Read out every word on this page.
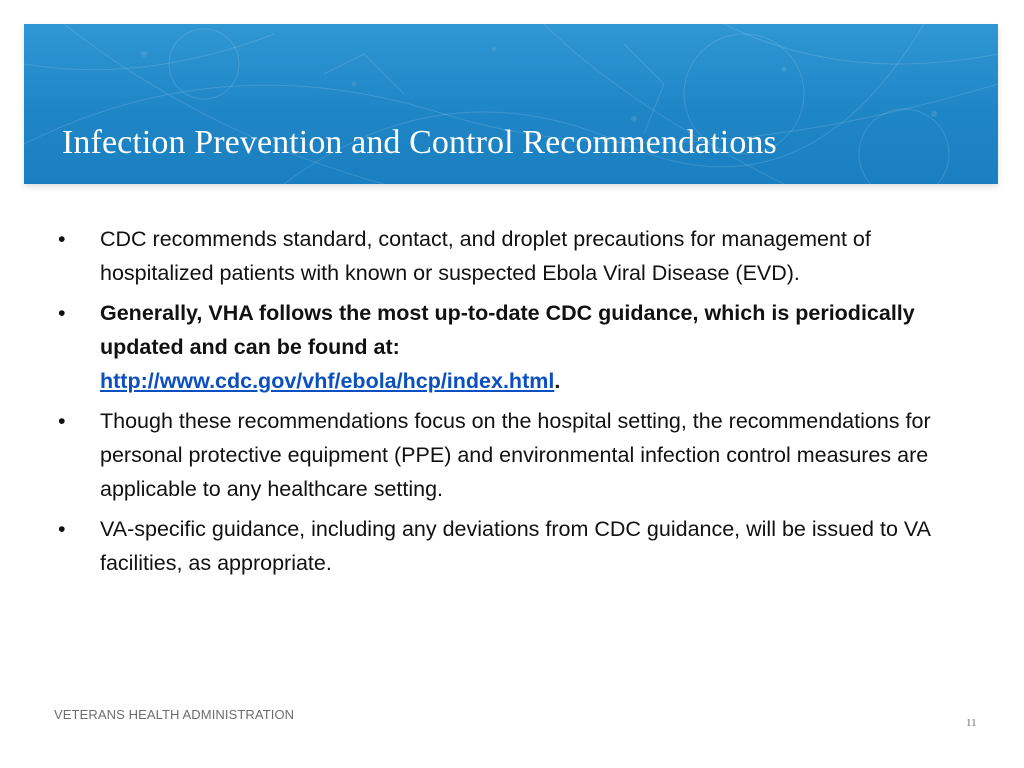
Infection Prevention and Control Recommendations
• CDC recommends standard, contact, and droplet precautions for management of hospitalized patients with known or suspected Ebola Viral Disease (EVD).
• Generally, VHA follows the most up-to-date CDC guidance, which is periodically updated and can be found at:
http://www.cdc.gov/vhf/ebola/hcp/index.html.
• Though these recommendations focus on the hospital setting, the recommendations for personal protective equipment (PPE) and environmental infection control measures are applicable to any healthcare setting.
• VA-specific guidance, including any deviations from CDC guidance, will be issued to VA facilities, as appropriate.
VETERANS HEALTH ADMINISTRATION
11
